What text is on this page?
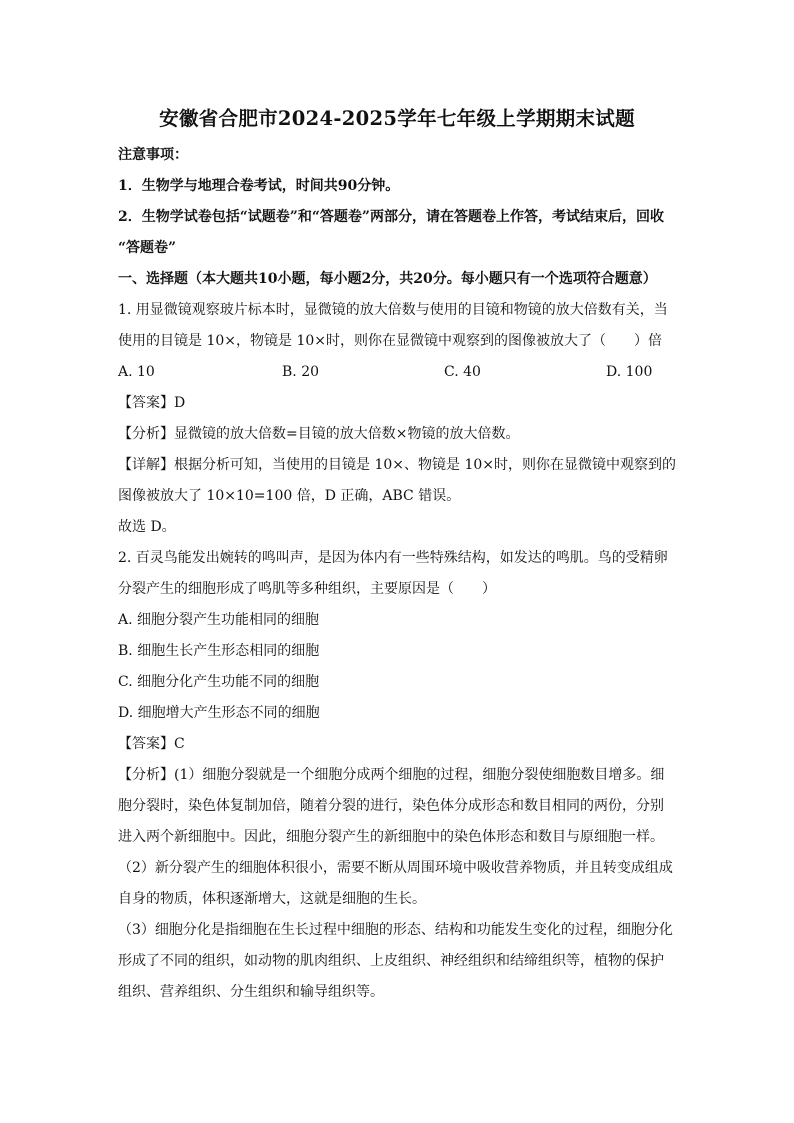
安徽省合肥市2024-2025学年七年级上学期期末试题
注意事项：
1．生物学与地理合卷考试，时间共90分钟。
2．生物学试卷包括“试题卷”和“答题卷”两部分，请在答题卷上作答，考试结束后，回收
“答题卷”
一、选择题（本大题共10小题，每小题2分，共20分。每小题只有一个选项符合题意）
1. 用显微镜观察玻片标本时，显微镜的放大倍数与使用的目镜和物镜的放大倍数有关，当
使用的目镜是 10×，物镜是 10×时，则你在显微镜中观察到的图像被放大了（　　）倍
A. 10	B. 20	C. 40	D. 100
【答案】D
【分析】显微镜的放大倍数=目镜的放大倍数×物镜的放大倍数。
【详解】根据分析可知，当使用的目镜是 10×、物镜是 10×时，则你在显微镜中观察到的
图像被放大了 10×10=100 倍，D 正确，ABC 错误。
故选 D。
2. 百灵鸟能发出婉转的鸣叫声，是因为体内有一些特殊结构，如发达的鸣肌。鸟的受精卵
分裂产生的细胞形成了鸣肌等多种组织，主要原因是（　　）
A. 细胞分裂产生功能相同的细胞
B. 细胞生长产生形态相同的细胞
C. 细胞分化产生功能不同的细胞
D. 细胞增大产生形态不同的细胞
【答案】C
【分析】(1）细胞分裂就是一个细胞分成两个细胞的过程，细胞分裂使细胞数目增多。细
胞分裂时，染色体复制加倍，随着分裂的进行，染色体分成形态和数目相同的两份，分别
进入两个新细胞中。因此，细胞分裂产生的新细胞中的染色体形态和数目与原细胞一样。
（2）新分裂产生的细胞体积很小，需要不断从周围环境中吸收营养物质，并且转变成组成
自身的物质，体积逐渐增大，这就是细胞的生长。
（3）细胞分化是指细胞在生长过程中细胞的形态、结构和功能发生变化的过程，细胞分化
形成了不同的组织，如动物的肌肉组织、上皮组织、神经组织和结缔组织等，植物的保护
组织、营养组织、分生组织和输导组织等。
